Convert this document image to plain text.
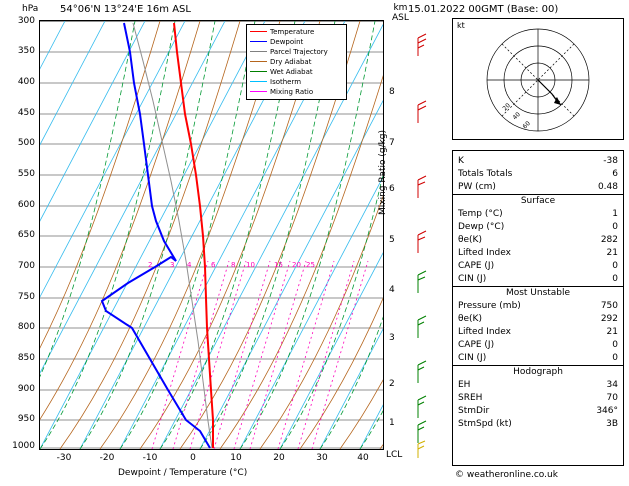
hPa 54°06'N 13°24'E 16m ASL	km
ASL
15.01.2022 00GMT (Base: 00)
Temperature
Dewpoint
Parcel Trajectory
Dry Adiabat
Wet Adiabat
Isotherm
Mixing Ratio
2	3 4	6 8 10	15 20 25
300
350
400
450
500
550
600
650
700
750
800
850
900
950
1000
-30	-20	-10	0	10	20	30	40
Dewpoint / Temperature (°C)
Mixing Ratio (g/kg)
8
7
6
5
4
3
2
1
LCL
kt
20
40
60
K	-38
Totals Totals	6
PW (cm)	0.48
Surface
Temp (°C)	1
Dewp (°C)	0
θe(K)	282
Lifted Index	21
CAPE (J)	0
CIN (J)	0
Most Unstable
Pressure (mb)	750
θe(K)	292
Lifted Index	21
CAPE (J)	0
CIN (J)	0
Hodograph
EH	34
SREH	70
StmDir	346°
StmSpd (kt)	3B
© weatheronline.co.uk
